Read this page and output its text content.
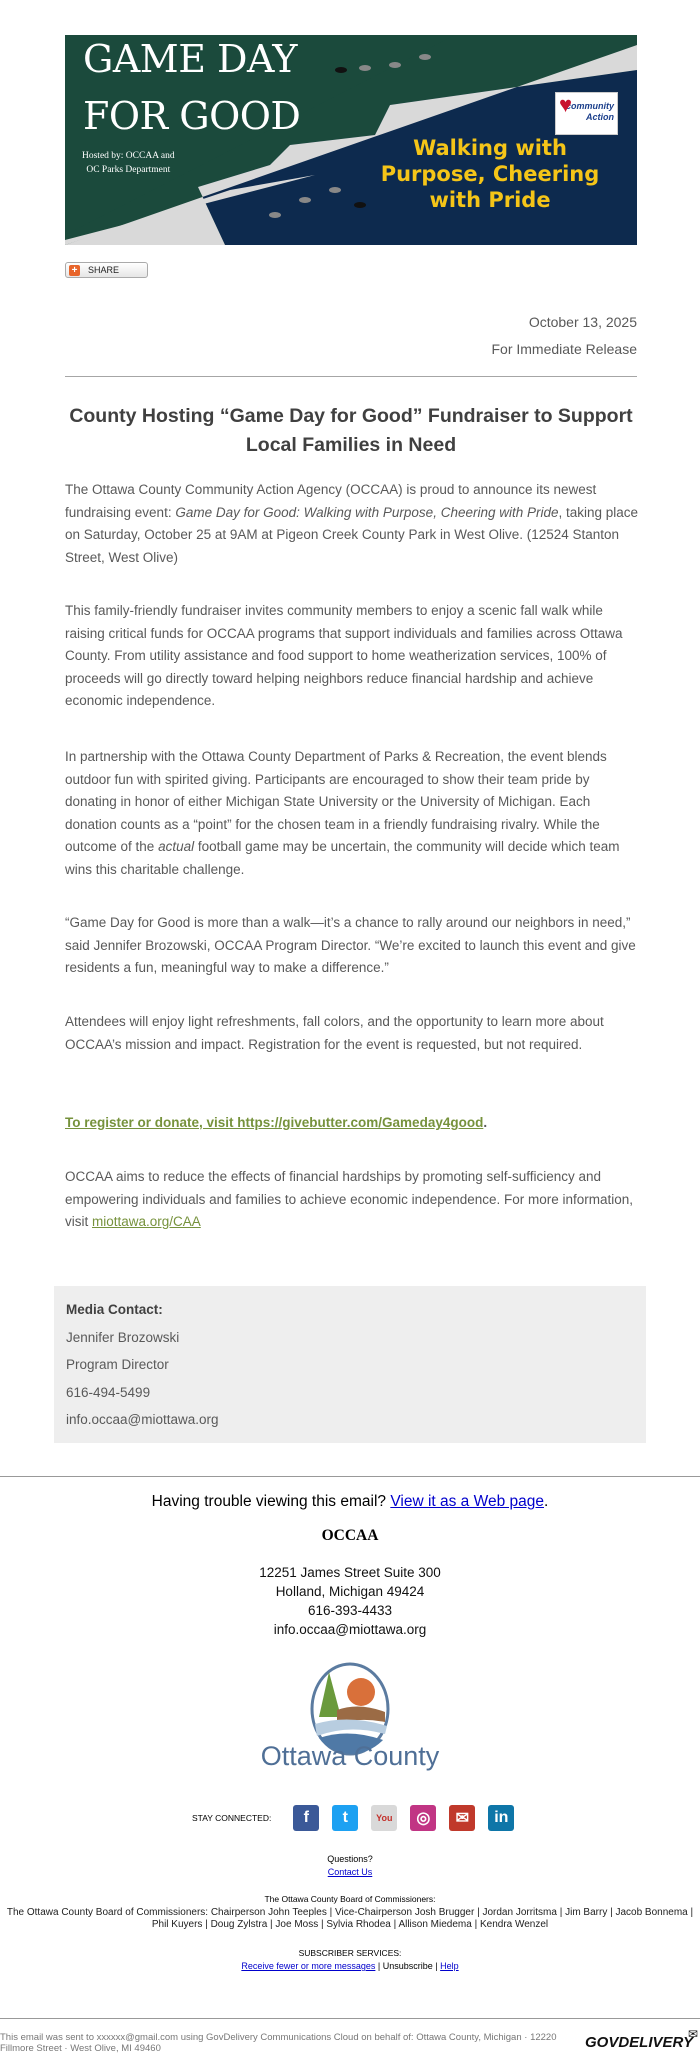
GAME DAY
FOR GOOD
Hosted by: OCCAA and
OC Parks Department
♥
community Action
Walking with Purpose, Cheering with Pride
+ SHARE
October 13, 2025
For Immediate Release
County Hosting “Game Day for Good” Fundraiser to Support Local Families in Need
The Ottawa County Community Action Agency (OCCAA) is proud to announce its newest fundraising event: Game Day for Good: Walking with Purpose, Cheering with Pride, taking place on Saturday, October 25 at 9AM at Pigeon Creek County Park in West Olive. (12524 Stanton Street, West Olive)
This family-friendly fundraiser invites community members to enjoy a scenic fall walk while raising critical funds for OCCAA programs that support individuals and families across Ottawa County. From utility assistance and food support to home weatherization services, 100% of proceeds will go directly toward helping neighbors reduce financial hardship and achieve economic independence.
In partnership with the Ottawa County Department of Parks & Recreation, the event blends outdoor fun with spirited giving. Participants are encouraged to show their team pride by donating in honor of either Michigan State University or the University of Michigan. Each donation counts as a “point” for the chosen team in a friendly fundraising rivalry. While the outcome of the actual football game may be uncertain, the community will decide which team wins this charitable challenge.
“Game Day for Good is more than a walk—it’s a chance to rally around our neighbors in need,” said Jennifer Brozowski, OCCAA Program Director. “We’re excited to launch this event and give residents a fun, meaningful way to make a difference.”
Attendees will enjoy light refreshments, fall colors, and the opportunity to learn more about OCCAA’s mission and impact. Registration for the event is requested, but not required.
To register or donate, visit https://givebutter.com/Gameday4good.
OCCAA aims to reduce the effects of financial hardships by promoting self-sufficiency and empowering individuals and families to achieve economic independence. For more information, visit miottawa.org/CAA
Media Contact:
Jennifer Brozowski
Program Director
616-494-5499
info.occaa@miottawa.org
Having trouble viewing this email? View it as a Web page.
OCCAA
12251 James Street Suite 300
Holland, Michigan 49424
616-393-4433
info.occaa@miottawa.org
Ottawa County
STAY CONNECTED:	f	t	You	◎	✉	in
Questions?
Contact Us
The Ottawa County Board of Commissioners:
The Ottawa County Board of Commissioners: Chairperson John Teeples | Vice-Chairperson Josh Brugger | Jordan Jorritsma | Jim Barry | Jacob Bonnema | Phil Kuyers | Doug Zylstra | Joe Moss | Sylvia Rhodea | Allison Miedema | Kendra Wenzel
SUBSCRIBER SERVICES:
Receive fewer or more messages | Unsubscribe | Help
This email was sent to xxxxxx@gmail.com using GovDelivery Communications Cloud on behalf of: Ottawa County, Michigan · 12220 Fillmore Street · West Olive, MI 49460	GOVDELIVERY
✉
